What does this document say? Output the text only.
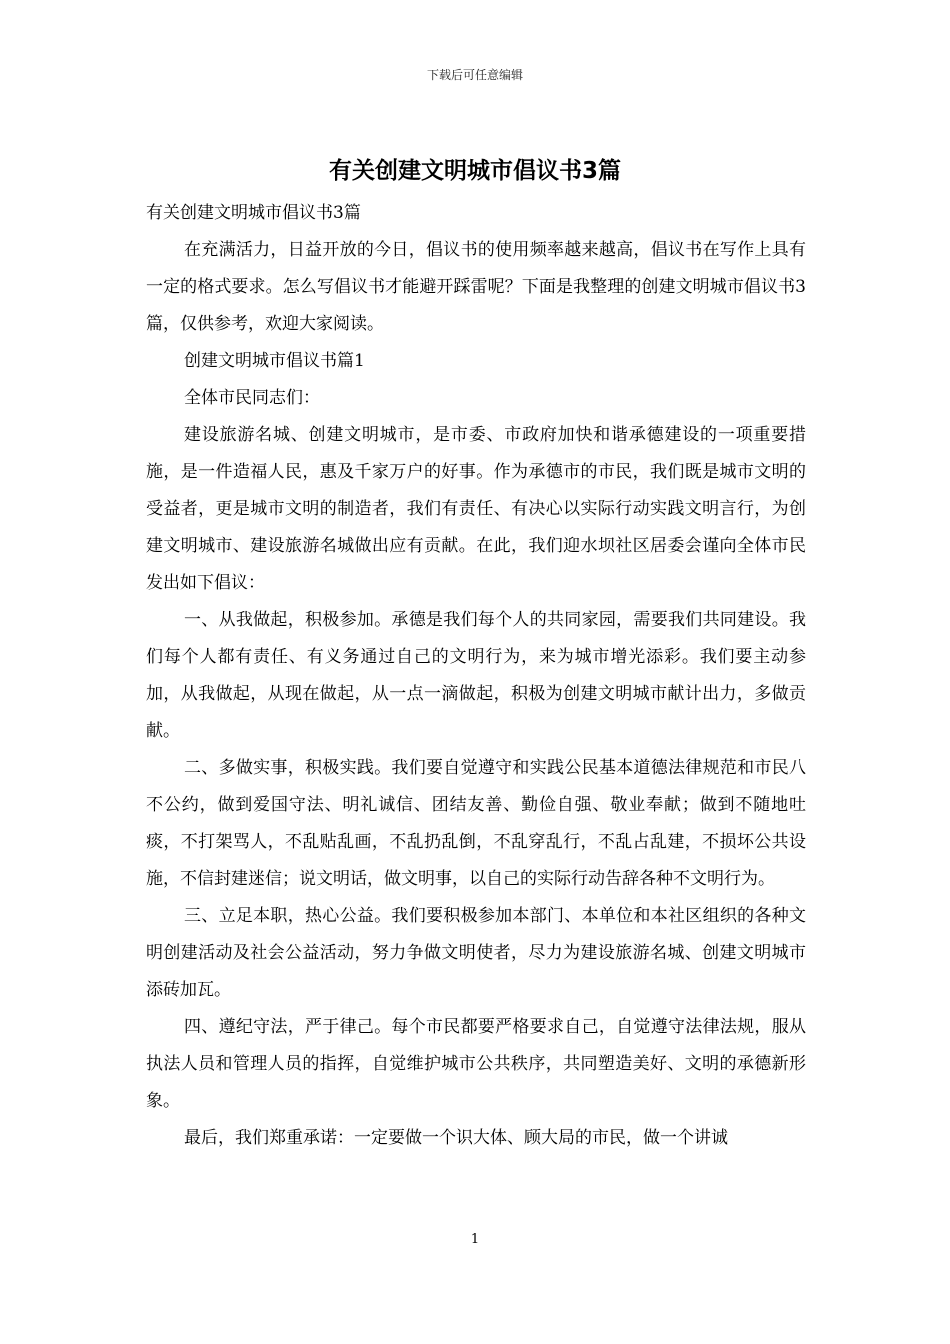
下载后可任意编辑
有关创建文明城市倡议书3篇

有关创建文明城市倡议书3篇

在充满活力，日益开放的今日，倡议书的使用频率越来越高，倡议书在写作上具有一定的格式要求。怎么写倡议书才能避开踩雷呢？下面是我整理的创建文明城市倡议书3篇，仅供参考，欢迎大家阅读。

创建文明城市倡议书篇1

全体市民同志们：

建设旅游名城、创建文明城市，是市委、市政府加快和谐承德建设的一项重要措施，是一件造福人民，惠及千家万户的好事。作为承德市的市民，我们既是城市文明的受益者，更是城市文明的制造者，我们有责任、有决心以实际行动实践文明言行，为创建文明城市、建设旅游名城做出应有贡献。在此，我们迎水坝社区居委会谨向全体市民发出如下倡议：

一、从我做起，积极参加。承德是我们每个人的共同家园，需要我们共同建设。我们每个人都有责任、有义务通过自己的文明行为，来为城市增光添彩。我们要主动参加，从我做起，从现在做起，从一点一滴做起，积极为创建文明城市献计出力，多做贡献。

二、多做实事，积极实践。我们要自觉遵守和实践公民基本道德法律规范和市民八不公约，做到爱国守法、明礼诚信、团结友善、勤俭自强、敬业奉献；做到不随地吐痰，不打架骂人，不乱贴乱画，不乱扔乱倒，不乱穿乱行，不乱占乱建，不损坏公共设施，不信封建迷信；说文明话，做文明事，以自己的实际行动告辞各种不文明行为。

三、立足本职，热心公益。我们要积极参加本部门、本单位和本社区组织的各种文明创建活动及社会公益活动，努力争做文明使者，尽力为建设旅游名城、创建文明城市添砖加瓦。

四、遵纪守法，严于律己。每个市民都要严格要求自己，自觉遵守法律法规，服从执法人员和管理人员的指挥，自觉维护城市公共秩序，共同塑造美好、文明的承德新形象。

最后，我们郑重承诺：一定要做一个识大体、顾大局的市民，做一个讲诚

1
